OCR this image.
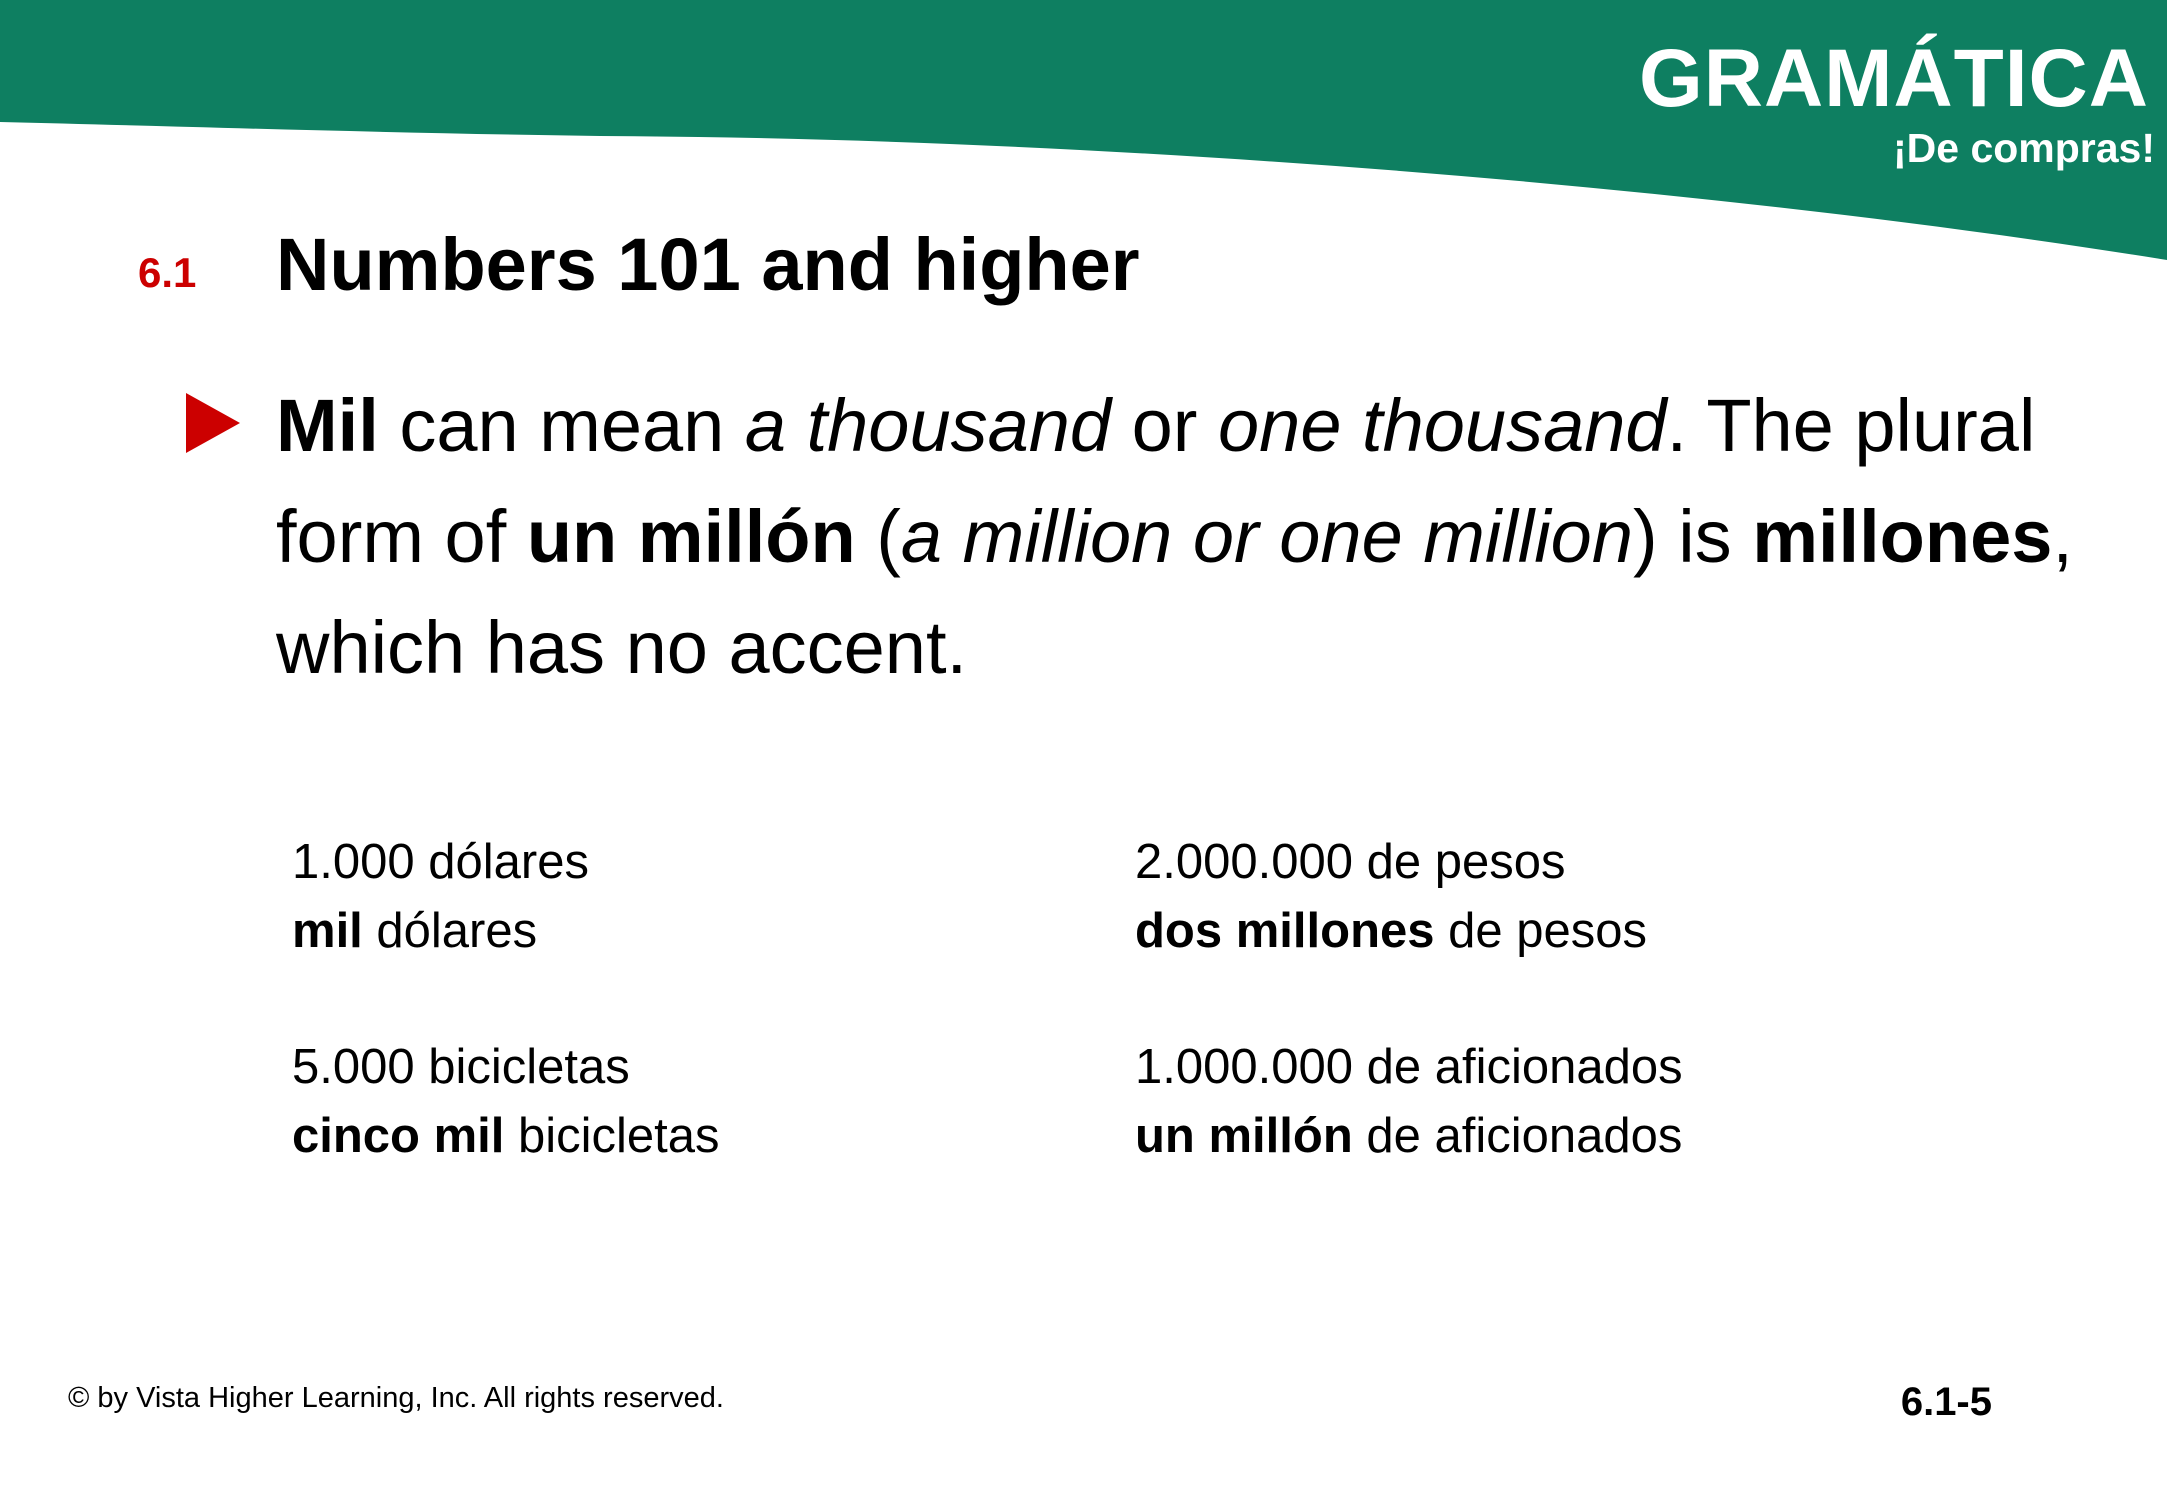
GRAMÁTICA
¡De compras!
6.1 Numbers 101 and higher
Mil can mean a thousand or one thousand. The plural form of un millón (a million or one million) is millones, which has no accent.
1.000 dólares
mil dólares
2.000.000 de pesos
dos millones de pesos
5.000 bicicletas
cinco mil bicicletas
1.000.000 de aficionados
un millón de aficionados
© by Vista Higher Learning, Inc. All rights reserved.	6.1-5
